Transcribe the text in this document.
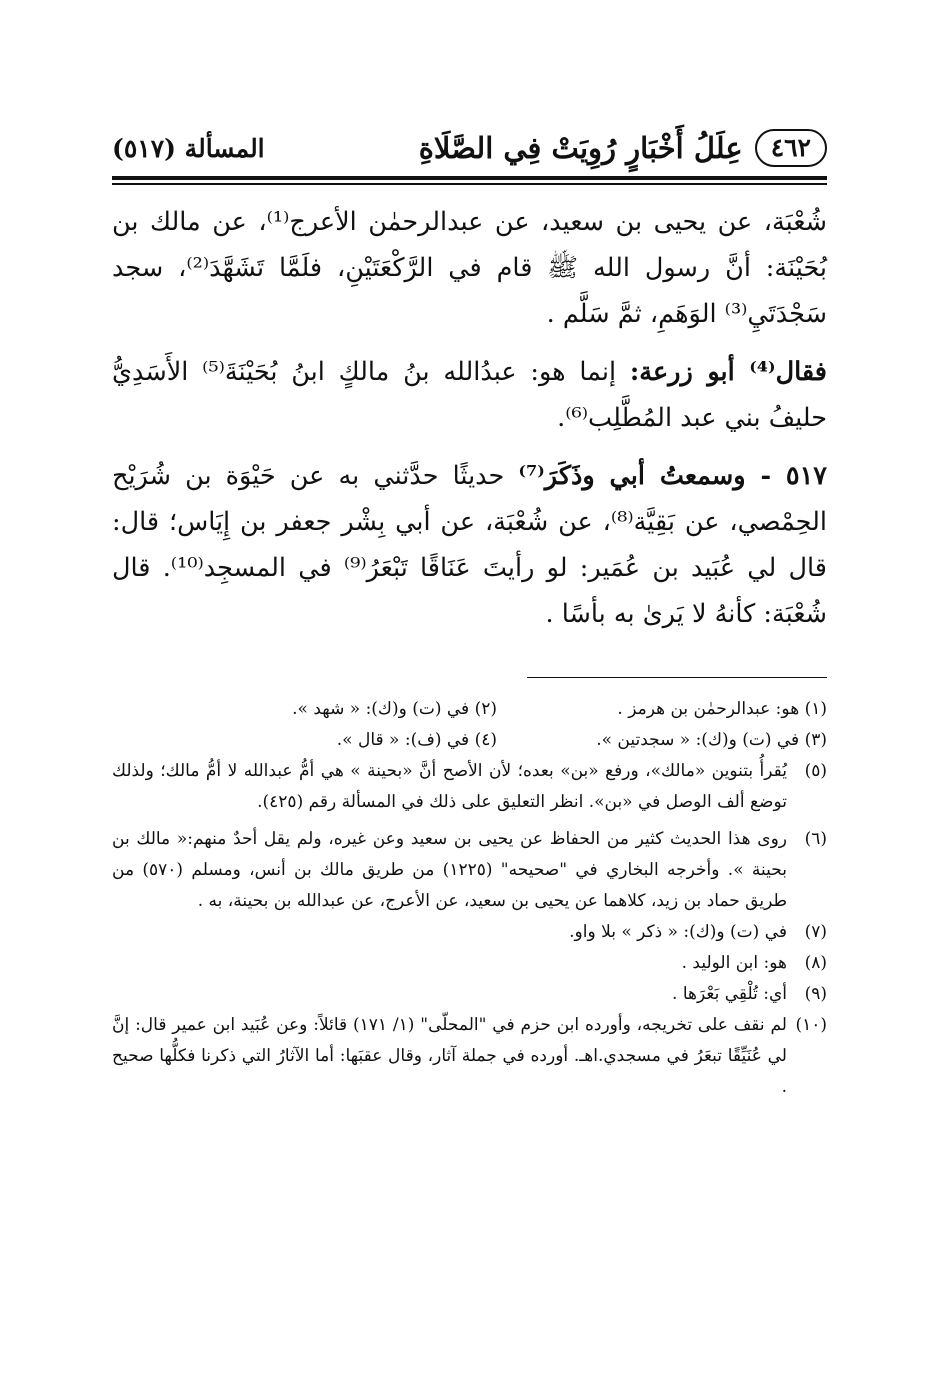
٤٦٢
عِلَلُ أَخْبَارٍ رُوِيَتْ فِي الصَّلَاةِ
المسألة (٥١٧)

شُعْبَة، عن يحيى بن سعيد، عن عبدالرحمٰن الأعرج⁽¹⁾، عن مالك بن بُحَيْنَة: أنَّ رسول الله ﷺ قام في الرَّكْعَتَيْنِ، فلَمَّا تَشَهَّدَ⁽²⁾، سجد سَجْدَتَيِ⁽³⁾ الوَهَمِ، ثمَّ سَلَّم .

فقال⁽⁴⁾ أبو زرعة: إنما هو: عبدُالله بنُ مالكٍ ابنُ بُحَيْنَةَ⁽⁵⁾ الأَسَدِيُّ حليفُ بني عبد المُطَّلِب⁽⁶⁾.

٥١٧ - وسمعتُ أبي وذَكَرَ⁽⁷⁾ حديثًا حدَّثني به عن حَيْوَة بن شُرَيْح الحِمْصي، عن بَقِيَّة⁽⁸⁾، عن شُعْبَة، عن أبي بِشْر جعفر بن إِيَاس؛ قال: قال لي عُبَيد بن عُمَير: لو رأيتَ عَنَاقًا تَبْعَرُ⁽⁹⁾ في المسجِد⁽¹⁰⁾. قال شُعْبَة: كأنهُ لا يَرىٰ به بأسًا .

(١) هو: عبدالرحمٰن بن هرمز .
(٢) في (ت) و(ك): « شهد ».
(٣) في (ت) و(ك): « سجدتين ».
(٤) في (ف): « قال ».
(٥)
يُقرأُ بتنوين «مالك»، ورفع «بن» بعده؛ لأن الأصح أنَّ «بحينة » هي أمُّ عبدالله لا أمُّ مالك؛ ولذلك توضع ألف الوصل في «بن». انظر التعليق على ذلك في المسألة رقم (٤٢٥).
(٦)
روى هذا الحديث كثير من الحفاظ عن يحيى بن سعيد وعن غيره، ولم يقل أحدٌ منهم:« مالك بن بحينة ». وأخرجه البخاري في "صحيحه" (١٢٢٥) من طريق مالك بن أنس، ومسلم (٥٧٠) من طريق حماد بن زيد، كلاهما عن يحيى بن سعيد، عن الأعرج، عن عبدالله بن بحينة، به .
(٧)
في (ت) و(ك): « ذكر » بلا واو.
(٨)
هو: ابن الوليد .
(٩)
أي: تُلْقِي بَعْرَها .
(١٠)
لم نقف على تخريجه، وأورده ابن حزم في "المحلّى" (١/ ١٧١) قائلاً: وعن عُبَيد ابن عمير قال: إنَّ لي عُنَيِّقًا تبعَرُ في مسجدي.اهـ. أورده في جملة آثار، وقال عقبَها: أما الآثارُ التي ذكرنا فكلُّها صحيح .
